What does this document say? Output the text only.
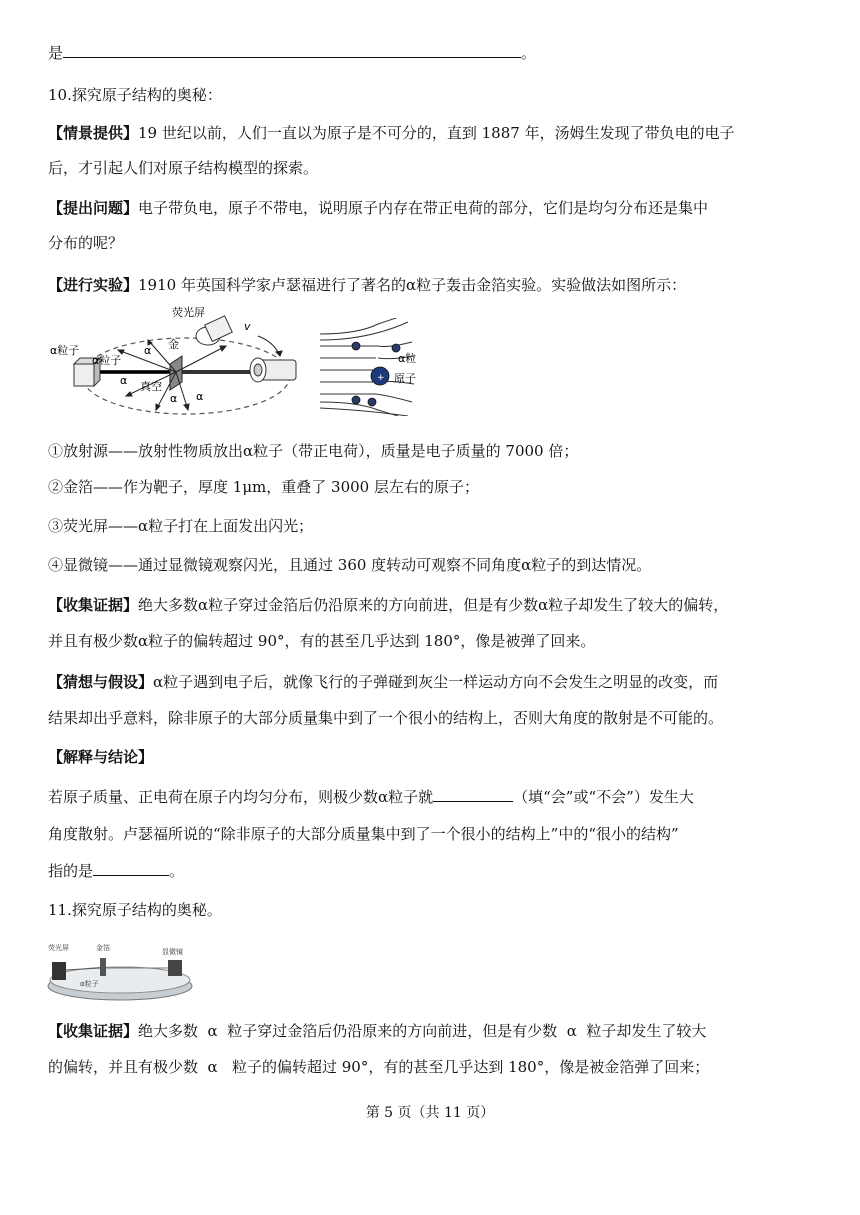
是	。
10.探究原子结构的奥秘：
【情景提供】19 世纪以前，人们一直以为原子是不可分的，直到 1887 年，汤姆生发现了带负电的电子
后，才引起人们对原子结构模型的探索。
【提出问题】电子带负电，原子不带电，说明原子内存在带正电荷的部分，它们是均匀分布还是集中
分布的呢？
【进行实验】1910 年英国科学家卢瑟福进行了著名的α粒子轰击金箔实验。实验做法如图所示：
α粒子
α粒子
金
荧光屏
真空
α
α
α α
v
+
α粒
原子
①放射源——放射性物质放出α粒子（带正电荷），质量是电子质量的 7000 倍；
②金箔——作为靶子，厚度 1μm，重叠了 3000 层左右的原子；
③荧光屏——α粒子打在上面发出闪光；
④显微镜——通过显微镜观察闪光，且通过 360 度转动可观察不同角度α粒子的到达情况。
【收集证据】绝大多数α粒子穿过金箔后仍沿原来的方向前进，但是有少数α粒子却发生了较大的偏转，
并且有极少数α粒子的偏转超过 90°，有的甚至几乎达到 180°，像是被弹了回来。
【猜想与假设】α粒子遇到电子后，就像飞行的子弹碰到灰尘一样运动方向不会发生之明显的改变，而
结果却出乎意料，除非原子的大部分质量集中到了一个很小的结构上，否则大角度的散射是不可能的。
【解释与结论】
若原子质量、正电荷在原子内均匀分布，则极少数α粒子就	（填“会”或“不会”）发生大
角度散射。卢瑟福所说的“除非原子的大部分质量集中到了一个很小的结构上”中的“很小的结构”
指的是	。
11.探究原子结构的奥秘。
荧光屏	金箔	显微镜
α粒子
【收集证据】绝大多数  α  粒子穿过金箔后仍沿原来的方向前进，但是有少数  α  粒子却发生了较大
的偏转，并且有极少数  α   粒子的偏转超过 90°，有的甚至几乎达到 180°，像是被金箔弹了回来；
第 5 页（共 11 页）
